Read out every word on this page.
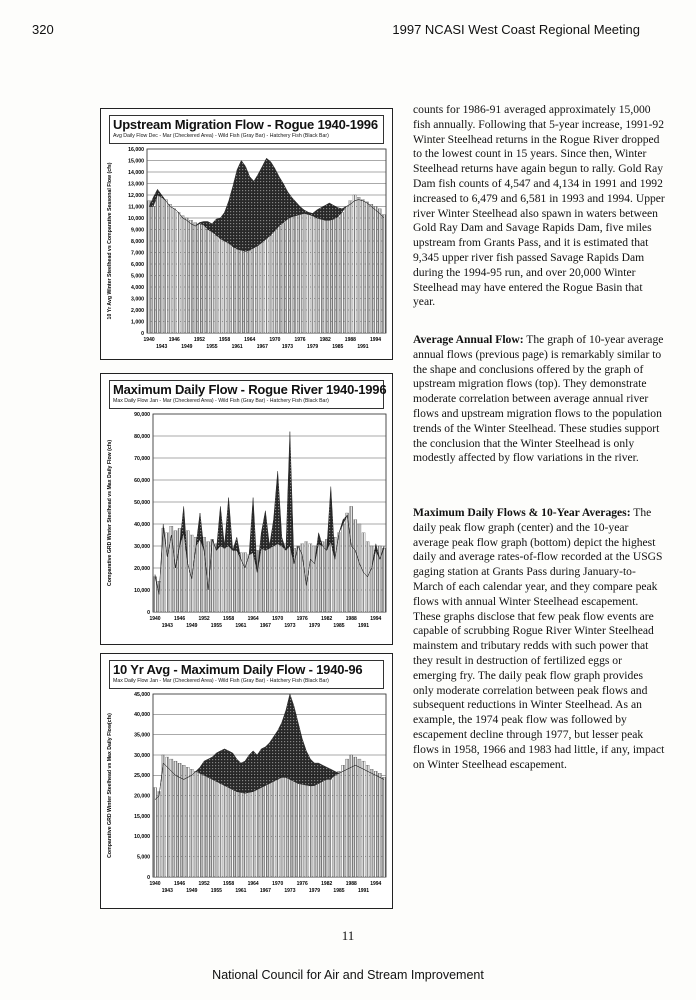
320	1997 NCASI West Coast Regional Meeting
Upstream Migration Flow - Rogue 1940-1996
Avg Daily Flow Dec - Mar (Checkered Area) - Wild Fish (Gray Bar) - Hatchery Fish (Black Bar)
0
1,000
2,000
3,000
4,000
5,000
6,000
7,000
8,000
9,000
10,000
11,000
12,000
13,000
14,000
15,000
16,000
10 Yr Avg Winter Steelhead vs Comparative Seasonal Flow (cfs)
1940	1946	1952	1958	1964	1970	1976	1982	1988	1994
1943	1949	1955	1961	1967	1973	1979	1985	1991
Maximum Daily Flow - Rogue River 1940-1996
Max Daily Flow Jan - Mar (Checkered Area) - Wild Fish (Gray Bar) - Hatchery Fish (Black Bar)
0
10,000
20,000
30,000
40,000
50,000
60,000
70,000
80,000
90,000
Comparative GRD Winter Steelhead vs Max Daily Flow (cfs)
1940	1946	1952	1958	1964	1970	1976	1982	1988	1994
1943	1949	1955	1961	1967	1973	1979	1985	1991
10 Yr Avg - Maximum Daily Flow - 1940-96
Max Daily Flow Jan - Mar (Checkered Area) - Wild Fish (Gray Bar) - Hatchery Fish (Black Bar)
0
5,000
10,000
15,000
20,000
25,000
30,000
35,000
40,000
45,000
Comparative GRD Winter Steelhead vs Max Daily Flow(cfs)
1940	1946	1952	1958	1964	1970	1976	1982	1988	1994
1943	1949	1955	1961	1967	1973	1979	1985	1991
counts for 1986-91 averaged approximately 15,000 fish annually. Following that 5-year increase, 1991-92 Winter Steelhead returns in the Rogue River dropped to the lowest count in 15 years. Since then, Winter Steelhead returns have again begun to rally. Gold Ray Dam fish counts of 4,547 and 4,134 in 1991 and 1992 increased to 6,479 and 6,581 in 1993 and 1994. Upper river Winter Steelhead also spawn in waters between Gold Ray Dam and Savage Rapids Dam, five miles upstream from Grants Pass, and it is estimated that 9,345 upper river fish passed Savage Rapids Dam during the 1994-95 run, and over 20,000 Winter Steelhead may have entered the Rogue Basin that year.
Average Annual Flow: The graph of 10-year average annual flows (previous page) is remarkably similar to the shape and conclusions offered by the graph of upstream migration flows (top). They demonstrate moderate correlation between average annual river flows and upstream migration flows to the population trends of the Winter Steelhead. These studies support the conclusion that the Winter Steelhead is only modestly affected by flow variations in the river.
Maximum Daily Flows & 10-Year Averages: The daily peak flow graph (center) and the 10-year average peak flow graph (bottom) depict the highest daily and average rates-of-flow recorded at the USGS gaging station at Grants Pass during January-to-March of each calendar year, and they compare peak flows with annual Winter Steelhead escapement. These graphs disclose that few peak flow events are capable of scrubbing Rogue River Winter Steelhead mainstem and tributary redds with such power that they result in destruction of fertilized eggs or emerging fry. The daily peak flow graph provides only moderate correlation between peak flows and subsequent reductions in Winter Steelhead. As an example, the 1974 peak flow was followed by escapement decline through 1977, but lesser peak flows in 1958, 1966 and 1983 had little, if any, impact on Winter Steelhead escapement.
11
National Council for Air and Stream Improvement
